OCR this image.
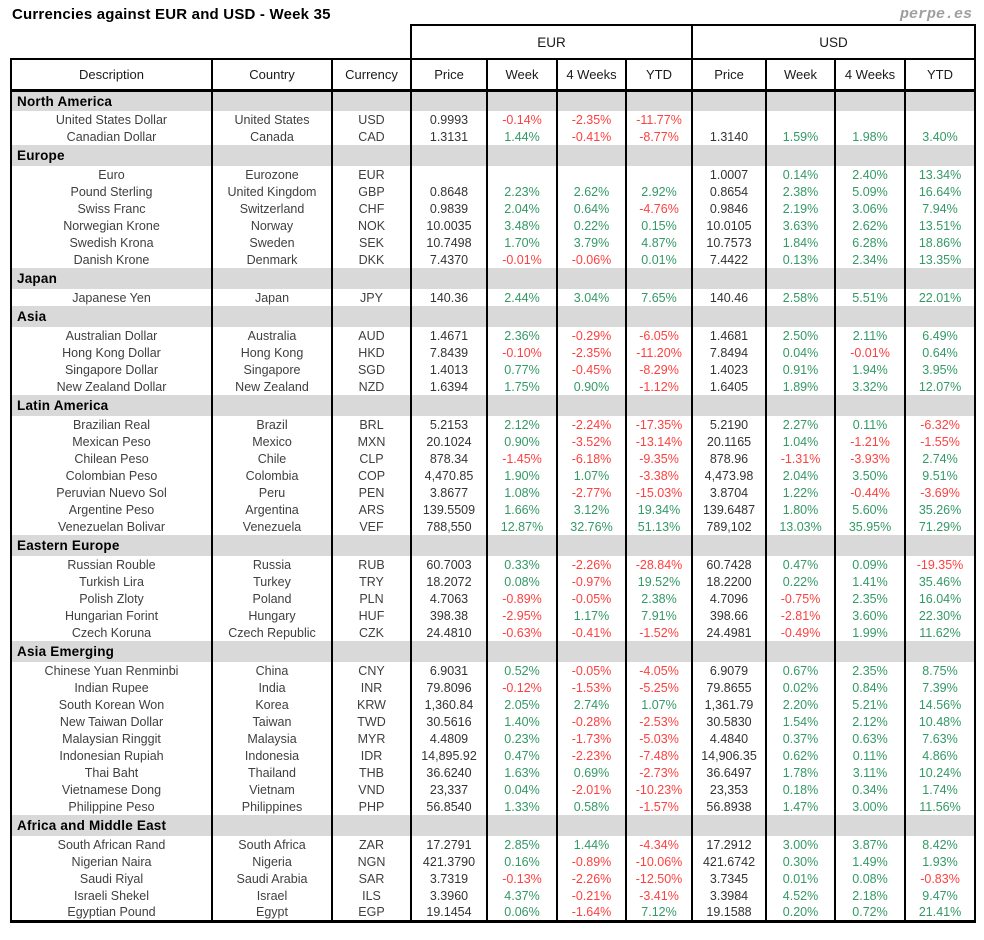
Currencies against EUR and USD - Week 35	perpe.es
			EUR				USD			
Description	Country	Currency	Price	Week	4 Weeks	YTD	Price	Week	4 Weeks	YTD
North America										
United States Dollar	United States	USD	0.9993	-0.14%	-2.35%	-11.77%				
Canadian Dollar	Canada	CAD	1.3131	1.44%	-0.41%	-8.77%	1.3140	1.59%	1.98%	3.40%
Europe										
Euro	Eurozone	EUR					1.0007	0.14%	2.40%	13.34%
Pound Sterling	United Kingdom	GBP	0.8648	2.23%	2.62%	2.92%	0.8654	2.38%	5.09%	16.64%
Swiss Franc	Switzerland	CHF	0.9839	2.04%	0.64%	-4.76%	0.9846	2.19%	3.06%	7.94%
Norwegian Krone	Norway	NOK	10.0035	3.48%	0.22%	0.15%	10.0105	3.63%	2.62%	13.51%
Swedish Krona	Sweden	SEK	10.7498	1.70%	3.79%	4.87%	10.7573	1.84%	6.28%	18.86%
Danish Krone	Denmark	DKK	7.4370	-0.01%	-0.06%	0.01%	7.4422	0.13%	2.34%	13.35%
Japan										
Japanese Yen	Japan	JPY	140.36	2.44%	3.04%	7.65%	140.46	2.58%	5.51%	22.01%
Asia										
Australian Dollar	Australia	AUD	1.4671	2.36%	-0.29%	-6.05%	1.4681	2.50%	2.11%	6.49%
Hong Kong Dollar	Hong Kong	HKD	7.8439	-0.10%	-2.35%	-11.20%	7.8494	0.04%	-0.01%	0.64%
Singapore Dollar	Singapore	SGD	1.4013	0.77%	-0.45%	-8.29%	1.4023	0.91%	1.94%	3.95%
New Zealand Dollar	New Zealand	NZD	1.6394	1.75%	0.90%	-1.12%	1.6405	1.89%	3.32%	12.07%
Latin America										
Brazilian Real	Brazil	BRL	5.2153	2.12%	-2.24%	-17.35%	5.2190	2.27%	0.11%	-6.32%
Mexican Peso	Mexico	MXN	20.1024	0.90%	-3.52%	-13.14%	20.1165	1.04%	-1.21%	-1.55%
Chilean Peso	Chile	CLP	878.34	-1.45%	-6.18%	-9.35%	878.96	-1.31%	-3.93%	2.74%
Colombian Peso	Colombia	COP	4,470.85	1.90%	1.07%	-3.38%	4,473.98	2.04%	3.50%	9.51%
Peruvian Nuevo Sol	Peru	PEN	3.8677	1.08%	-2.77%	-15.03%	3.8704	1.22%	-0.44%	-3.69%
Argentine Peso	Argentina	ARS	139.5509	1.66%	3.12%	19.34%	139.6487	1.80%	5.60%	35.26%
Venezuelan Bolivar	Venezuela	VEF	788,550	12.87%	32.76%	51.13%	789,102	13.03%	35.95%	71.29%
Eastern Europe										
Russian Rouble	Russia	RUB	60.7003	0.33%	-2.26%	-28.84%	60.7428	0.47%	0.09%	-19.35%
Turkish Lira	Turkey	TRY	18.2072	0.08%	-0.97%	19.52%	18.2200	0.22%	1.41%	35.46%
Polish Zloty	Poland	PLN	4.7063	-0.89%	-0.05%	2.38%	4.7096	-0.75%	2.35%	16.04%
Hungarian Forint	Hungary	HUF	398.38	-2.95%	1.17%	7.91%	398.66	-2.81%	3.60%	22.30%
Czech Koruna	Czech Republic	CZK	24.4810	-0.63%	-0.41%	-1.52%	24.4981	-0.49%	1.99%	11.62%
Asia Emerging										
Chinese Yuan Renminbi	China	CNY	6.9031	0.52%	-0.05%	-4.05%	6.9079	0.67%	2.35%	8.75%
Indian Rupee	India	INR	79.8096	-0.12%	-1.53%	-5.25%	79.8655	0.02%	0.84%	7.39%
South Korean Won	Korea	KRW	1,360.84	2.05%	2.74%	1.07%	1,361.79	2.20%	5.21%	14.56%
New Taiwan Dollar	Taiwan	TWD	30.5616	1.40%	-0.28%	-2.53%	30.5830	1.54%	2.12%	10.48%
Malaysian Ringgit	Malaysia	MYR	4.4809	0.23%	-1.73%	-5.03%	4.4840	0.37%	0.63%	7.63%
Indonesian Rupiah	Indonesia	IDR	14,895.92	0.47%	-2.23%	-7.48%	14,906.35	0.62%	0.11%	4.86%
Thai Baht	Thailand	THB	36.6240	1.63%	0.69%	-2.73%	36.6497	1.78%	3.11%	10.24%
Vietnamese Dong	Vietnam	VND	23,337	0.04%	-2.01%	-10.23%	23,353	0.18%	0.34%	1.74%
Philippine Peso	Philippines	PHP	56.8540	1.33%	0.58%	-1.57%	56.8938	1.47%	3.00%	11.56%
Africa and Middle East										
South African Rand	South Africa	ZAR	17.2791	2.85%	1.44%	-4.34%	17.2912	3.00%	3.87%	8.42%
Nigerian Naira	Nigeria	NGN	421.3790	0.16%	-0.89%	-10.06%	421.6742	0.30%	1.49%	1.93%
Saudi Riyal	Saudi Arabia	SAR	3.7319	-0.13%	-2.26%	-12.50%	3.7345	0.01%	0.08%	-0.83%
Israeli Shekel	Israel	ILS	3.3960	4.37%	-0.21%	-3.41%	3.3984	4.52%	2.18%	9.47%
Egyptian Pound	Egypt	EGP	19.1454	0.06%	-1.64%	7.12%	19.1588	0.20%	0.72%	21.41%
